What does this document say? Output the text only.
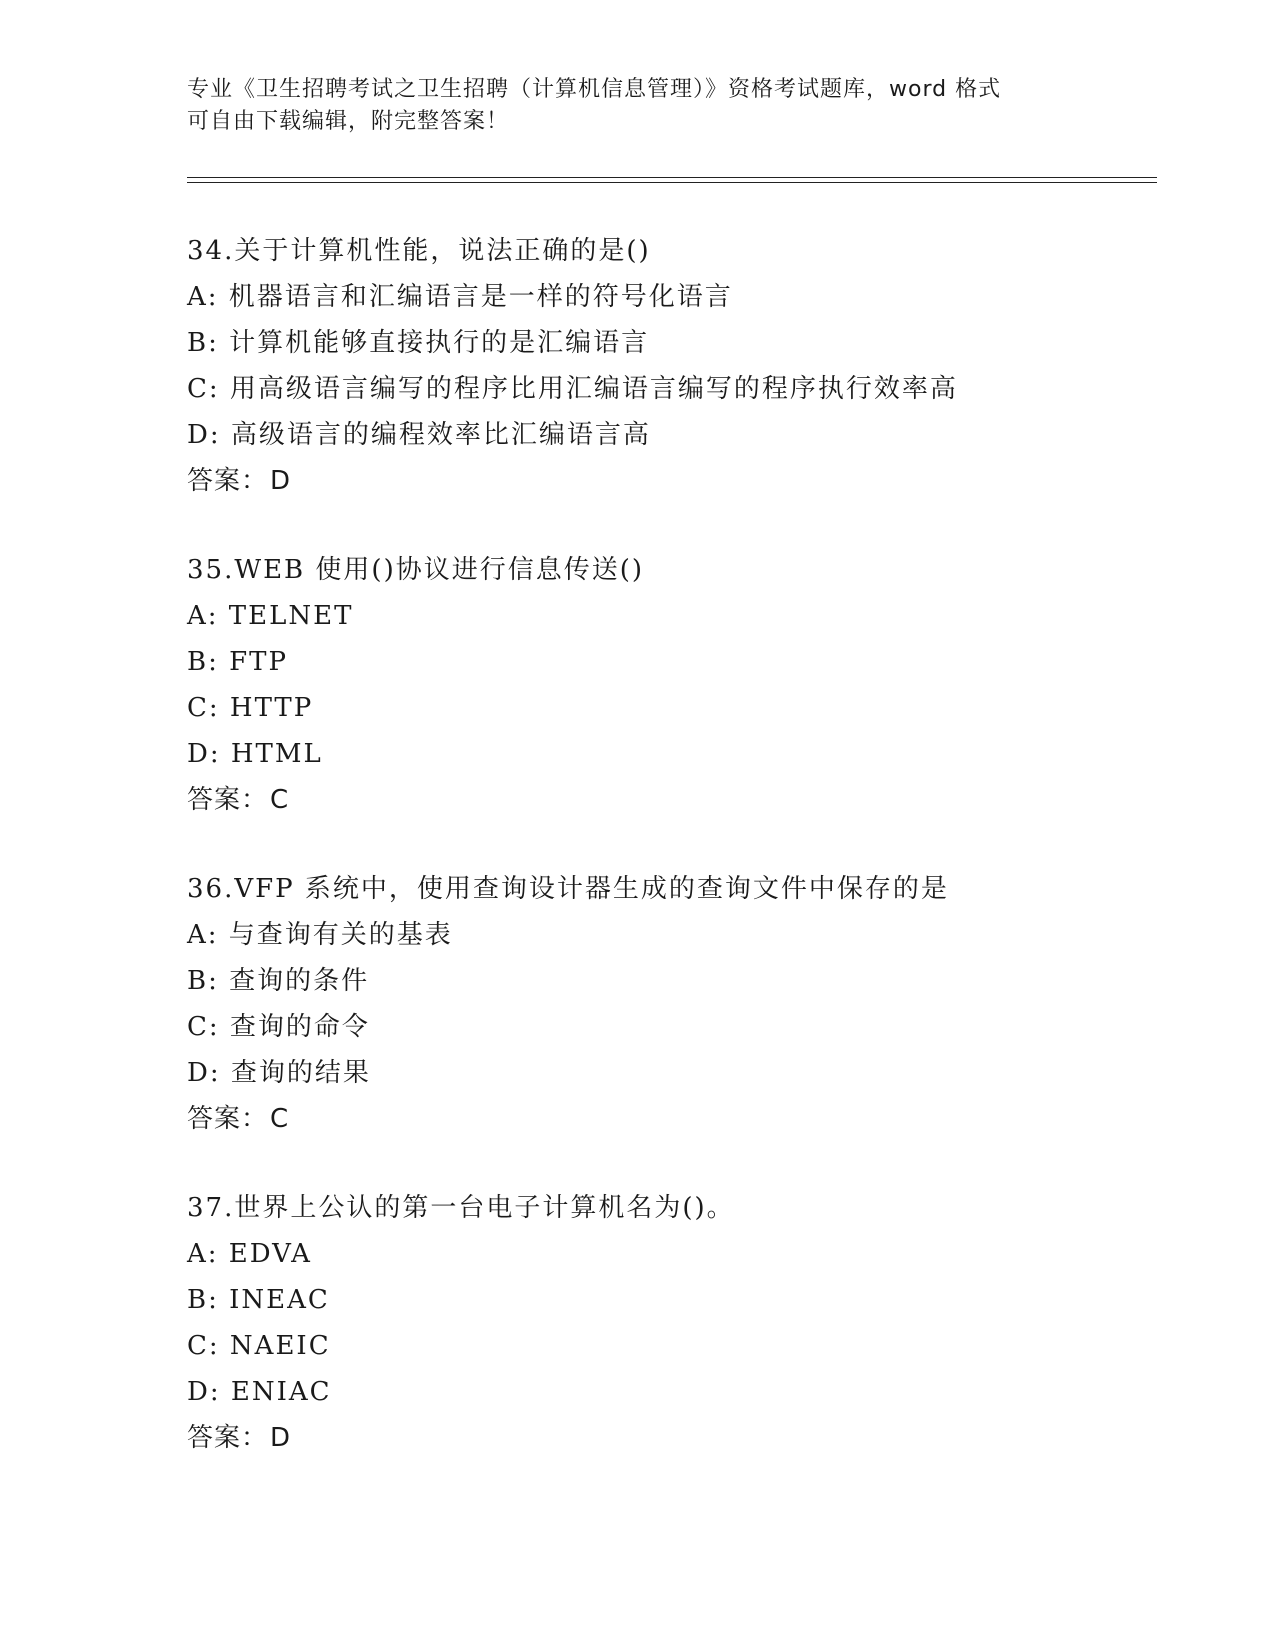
专业《卫生招聘考试之卫生招聘（计算机信息管理）》资格考试题库，word 格式
可自由下载编辑，附完整答案！
34.关于计算机性能，说法正确的是()
A: 机器语言和汇编语言是一样的符号化语言
B: 计算机能够直接执行的是汇编语言
C: 用高级语言编写的程序比用汇编语言编写的程序执行效率高
D: 高级语言的编程效率比汇编语言高
答案：D
35.WEB 使用()协议进行信息传送()
A: TELNET
B: FTP
C: HTTP
D: HTML
答案：C
36.VFP 系统中，使用查询设计器生成的查询文件中保存的是
A: 与查询有关的基表
B: 查询的条件
C: 查询的命令
D: 查询的结果
答案：C
37.世界上公认的第一台电子计算机名为()。
A: EDVA
B: INEAC
C: NAEIC
D: ENIAC
答案：D
